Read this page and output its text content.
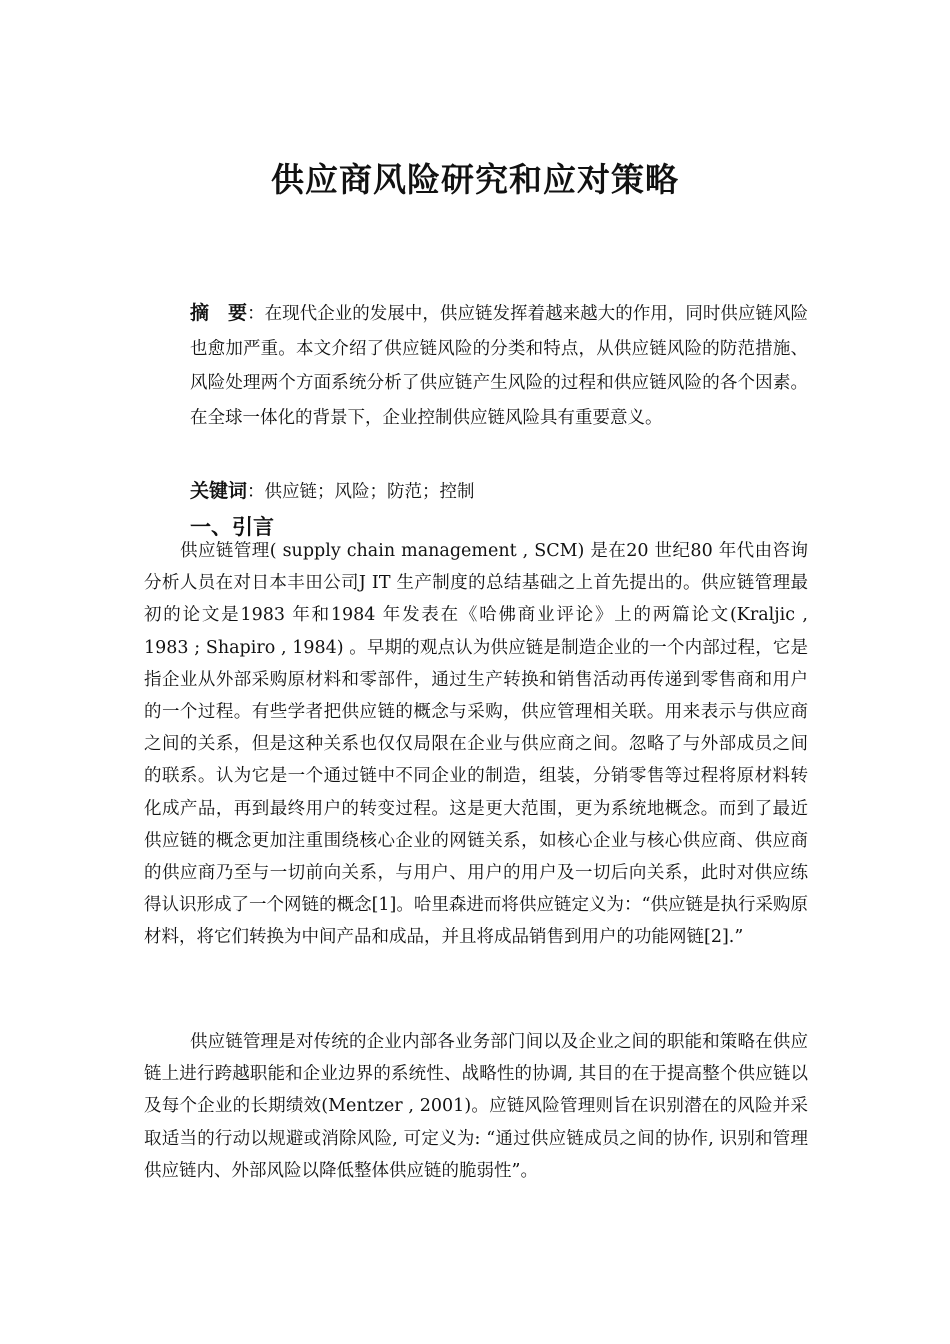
供应商风险研究和应对策略
摘　要：在现代企业的发展中，供应链发挥着越来越大的作用，同时供应链风险也愈加严重。本文介绍了供应链风险的分类和特点，从供应链风险的防范措施、风险处理两个方面系统分析了供应链产生风险的过程和供应链风险的各个因素。在全球一体化的背景下，企业控制供应链风险具有重要意义。
关键词：供应链；风险；防范；控制
一、引言
供应链管理( supply chain management , SCM) 是在20 世纪80 年代由咨询分析人员在对日本丰田公司J IT 生产制度的总结基础之上首先提出的。供应链管理最初的论文是1983 年和1984 年发表在《哈佛商业评论》上的两篇论文(Kraljic , 1983 ; Shapiro , 1984) 。早期的观点认为供应链是制造企业的一个内部过程，它是指企业从外部采购原材料和零部件，通过生产转换和销售活动再传递到零售商和用户的一个过程。有些学者把供应链的概念与采购，供应管理相关联。用来表示与供应商之间的关系，但是这种关系也仅仅局限在企业与供应商之间。忽略了与外部成员之间的联系。认为它是一个通过链中不同企业的制造，组装，分销零售等过程将原材料转化成产品，再到最终用户的转变过程。这是更大范围，更为系统地概念。而到了最近供应链的概念更加注重围绕核心企业的网链关系，如核心企业与核心供应商、供应商的供应商乃至与一切前向关系，与用户、用户的用户及一切后向关系，此时对供应练得认识形成了一个网链的概念[1]。哈里森进而将供应链定义为：“供应链是执行采购原材料，将它们转换为中间产品和成品，并且将成品销售到用户的功能网链[2].”
供应链管理是对传统的企业内部各业务部门间以及企业之间的职能和策略在供应链上进行跨越职能和企业边界的系统性、战略性的协调, 其目的在于提高整个供应链以及每个企业的长期绩效(Mentzer , 2001)。应链风险管理则旨在识别潜在的风险并采取适当的行动以规避或消除风险, 可定义为: “通过供应链成员之间的协作, 识别和管理供应链内、外部风险以降低整体供应链的脆弱性”。
